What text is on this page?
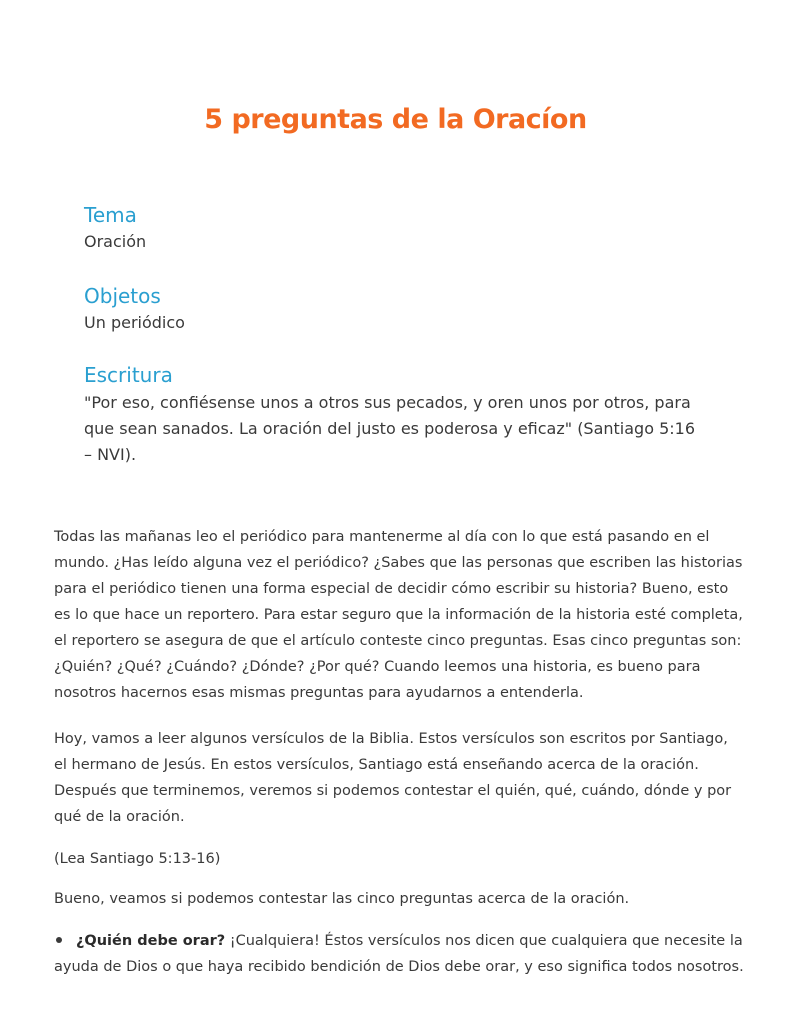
5 preguntas de la Oracíon
Tema

Oración

Objetos

Un periódico

Escritura

"Por eso, confiésense unos a otros sus pecados, y oren unos por otros, para que sean sanados. La oración del justo es poderosa y eficaz" (Santiago 5:16 – NVI).

Todas las mañanas leo el periódico para mantenerme al día con lo que está pasando en el mundo. ¿Has leído alguna vez el periódico? ¿Sabes que las personas que escriben las historias para el periódico tienen una forma especial de decidir cómo escribir su historia? Bueno, esto es lo que hace un reportero. Para estar seguro que la información de la historia esté completa, el reportero se asegura de que el artículo conteste cinco preguntas. Esas cinco preguntas son: ¿Quién? ¿Qué? ¿Cuándo? ¿Dónde? ¿Por qué? Cuando leemos una historia, es bueno para nosotros hacernos esas mismas preguntas para ayudarnos a entenderla.

Hoy, vamos a leer algunos versículos de la Biblia. Estos versículos son escritos por Santiago, el hermano de Jesús. En estos versículos, Santiago está enseñando acerca de la oración. Después que terminemos, veremos si podemos contestar el quién, qué, cuándo, dónde y por qué de la oración.

(Lea Santiago 5:13-16)

Bueno, veamos si podemos contestar las cinco preguntas acerca de la oración.

¿Quién debe orar? ¡Cualquiera! Éstos versículos nos dicen que cualquiera que necesite la ayuda de Dios o que haya recibido bendición de Dios debe orar, y eso significa todos nosotros.
